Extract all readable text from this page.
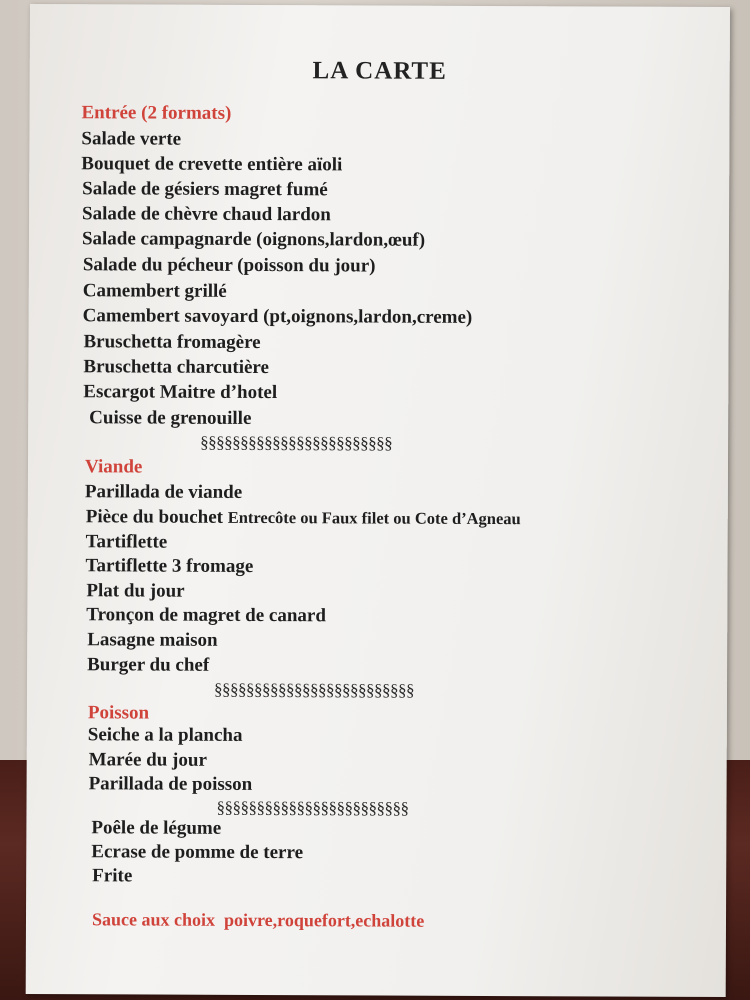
LA CARTE
Entrée (2 formats)
Salade verte
Bouquet de crevette entière aïoli
Salade de gésiers magret fumé
Salade de chèvre chaud lardon
Salade campagnarde (oignons,lardon,œuf)
Salade du pécheur (poisson du jour)
Camembert grillé
Camembert savoyard (pt,oignons,lardon,creme)
Bruschetta fromagère
Bruschetta charcutière
Escargot Maitre d’hotel
Cuisse de grenouille
§§§§§§§§§§§§§§§§§§§§§§§§
Viande
Parillada de viande
Pièce du bouchet Entrecôte ou Faux filet ou Cote d’Agneau
Tartiflette
Tartiflette 3 fromage
Plat du jour
Tronçon de magret de canard
Lasagne maison
Burger du chef
§§§§§§§§§§§§§§§§§§§§§§§§§
Poisson
Seiche a la plancha
Marée du jour
Parillada de poisson
§§§§§§§§§§§§§§§§§§§§§§§§
Poêle de légume
Ecrase de pomme de terre
Frite
Sauce aux choix  poivre,roquefort,echalotte
